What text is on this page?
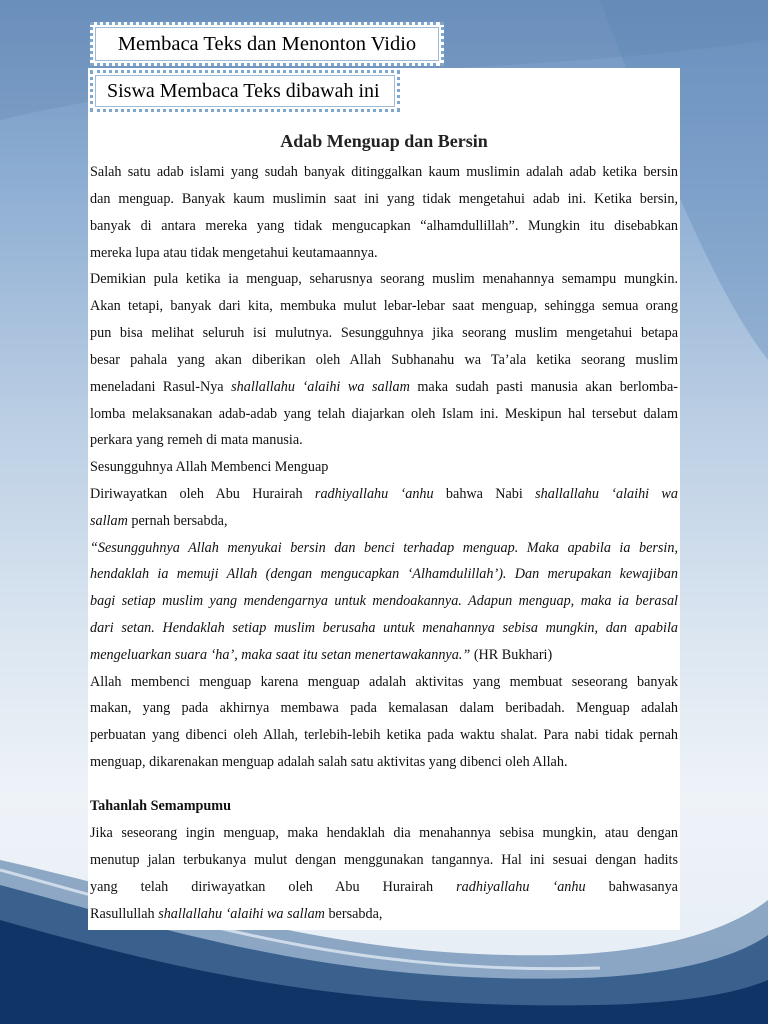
Membaca Teks dan Menonton Vidio
Siswa Membaca Teks dibawah ini
Adab Menguap dan Bersin
Salah satu adab islami yang sudah banyak ditinggalkan kaum muslimin adalah adab ketika bersin
dan menguap. Banyak kaum muslimin saat ini yang tidak mengetahui adab ini. Ketika bersin,
banyak di antara mereka yang tidak mengucapkan “alhamdullillah”. Mungkin itu disebabkan
mereka lupa atau tidak mengetahui keutamaannya.
Demikian pula ketika ia menguap, seharusnya seorang muslim menahannya semampu mungkin.
Akan tetapi, banyak dari kita, membuka mulut lebar-lebar saat menguap, sehingga semua orang
pun bisa melihat seluruh isi mulutnya. Sesungguhnya jika seorang muslim mengetahui betapa
besar pahala yang akan diberikan oleh Allah Subhanahu wa Ta’ala ketika seorang muslim
meneladani Rasul-Nya shallallahu ‘alaihi wa sallam maka sudah pasti manusia akan berlomba-
lomba melaksanakan adab-adab yang telah diajarkan oleh Islam ini. Meskipun hal tersebut dalam
perkara yang remeh di mata manusia.
Sesungguhnya Allah Membenci Menguap
Diriwayatkan oleh Abu Hurairah radhiyallahu ‘anhu bahwa Nabi shallallahu ‘alaihi wa
sallam pernah bersabda,
“Sesungguhnya Allah menyukai bersin dan benci terhadap menguap. Maka apabila ia bersin,
hendaklah ia memuji Allah (dengan mengucapkan ‘Alhamdulillah’). Dan merupakan kewajiban
bagi setiap muslim yang mendengarnya untuk mendoakannya. Adapun menguap, maka ia berasal
dari setan. Hendaklah setiap muslim berusaha untuk menahannya sebisa mungkin, dan apabila
mengeluarkan suara ‘ha’, maka saat itu setan menertawakannya.” (HR Bukhari)
Allah membenci menguap karena menguap adalah aktivitas yang membuat seseorang banyak
makan, yang pada akhirnya membawa pada kemalasan dalam beribadah. Menguap adalah
perbuatan yang dibenci oleh Allah, terlebih-lebih ketika pada waktu shalat. Para nabi tidak pernah
menguap, dikarenakan menguap adalah salah satu aktivitas yang dibenci oleh Allah.
Tahanlah Semampumu
Jika seseorang ingin menguap, maka hendaklah dia menahannya sebisa mungkin, atau dengan
menutup jalan terbukanya mulut dengan menggunakan tangannya. Hal ini sesuai dengan hadits
yang telah diriwayatkan oleh Abu Hurairah radhiyallahu ‘anhu bahwasanya
Rasullullah shallallahu ‘alaihi wa sallam bersabda,
